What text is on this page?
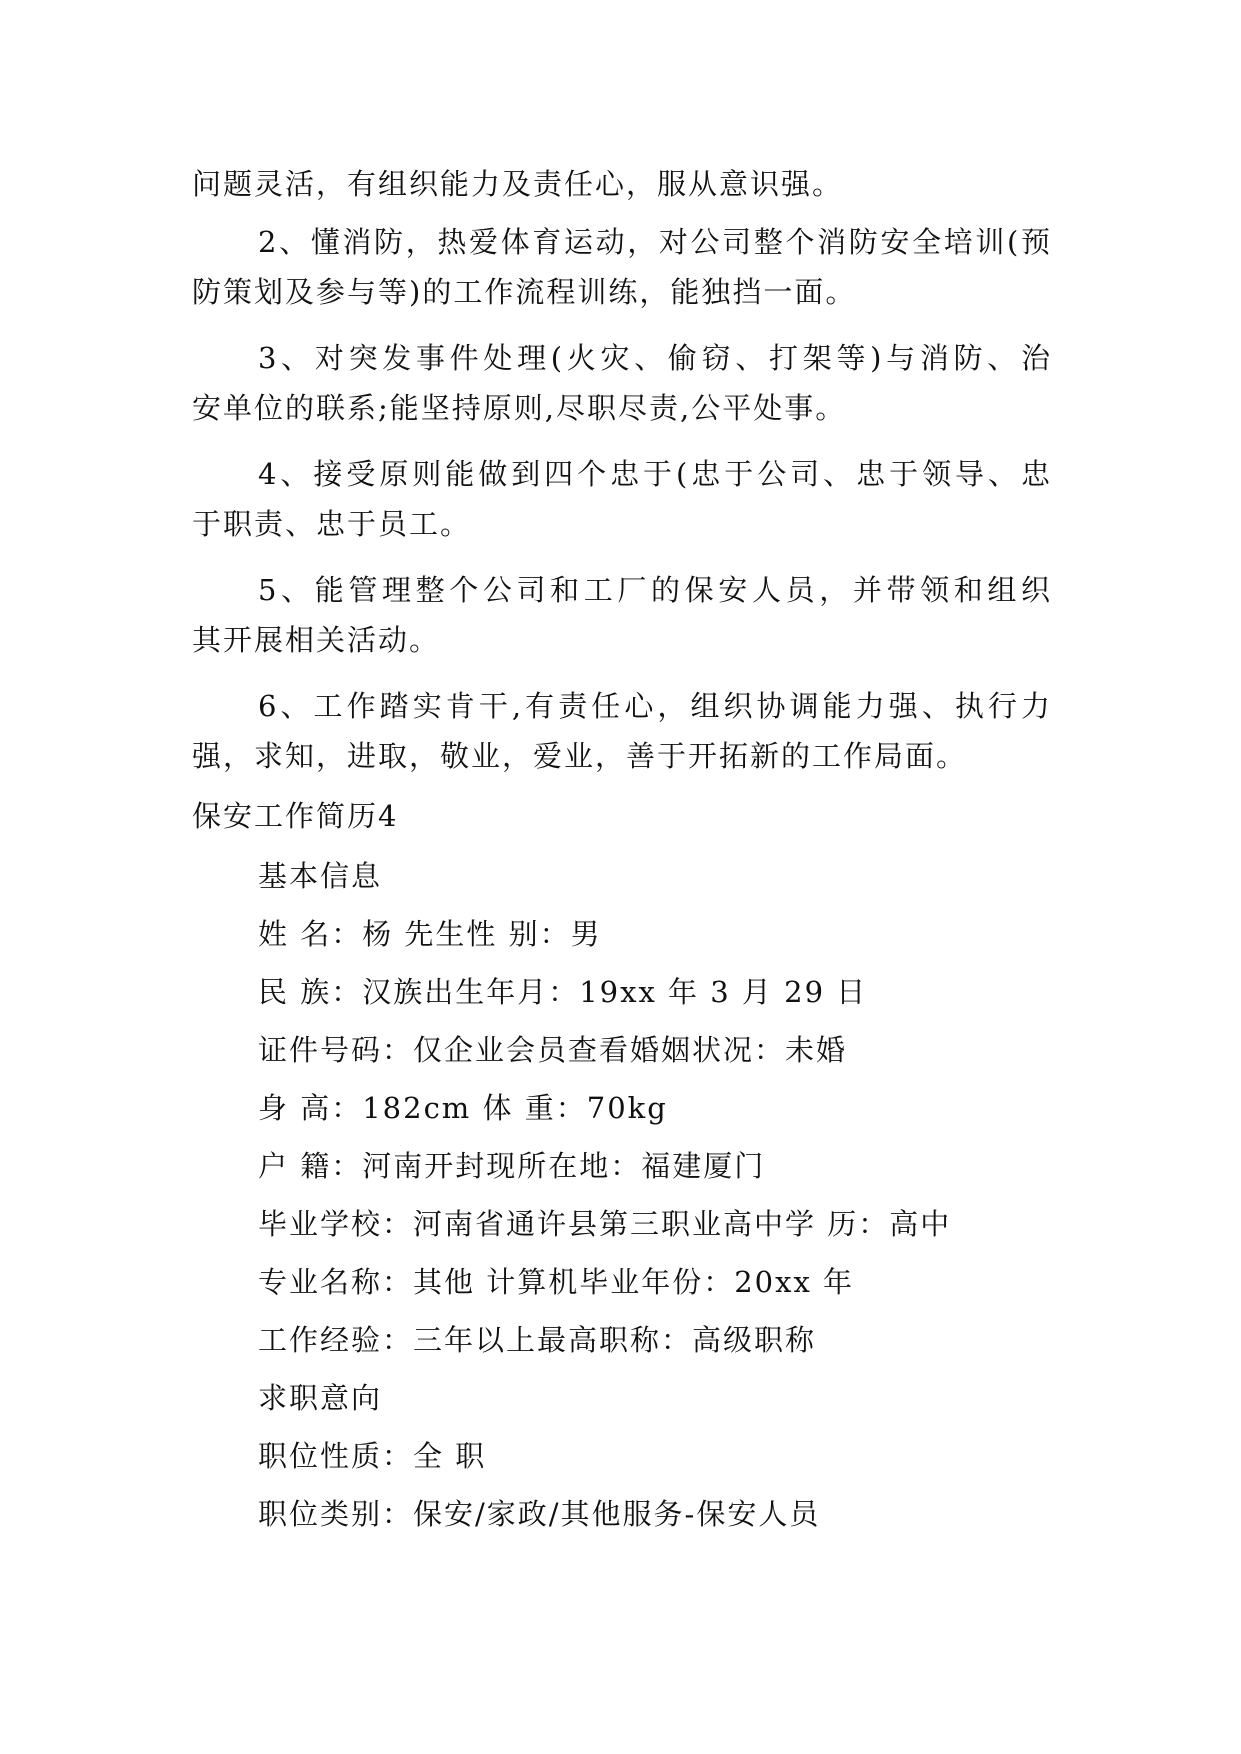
问题灵活，有组织能力及责任心，服从意识强。
2、懂消防，热爱体育运动，对公司整个消防安全培训(预
防策划及参与等)的工作流程训练，能独挡一面。
3、对突发事件处理(火灾、偷窃、打架等)与消防、治
安单位的联系;能坚持原则,尽职尽责,公平处事。
4、接受原则能做到四个忠于(忠于公司、忠于领导、忠
于职责、忠于员工。
5、能管理整个公司和工厂的保安人员，并带领和组织
其开展相关活动。
6、工作踏实肯干,有责任心，组织协调能力强、执行力
强，求知，进取，敬业，爱业，善于开拓新的工作局面。
保安工作简历4
基本信息
姓 名：杨 先生性 别：男
民 族：汉族出生年月：19xx 年 3 月 29 日
证件号码：仅企业会员查看婚姻状况：未婚
身 高：182cm 体 重：70kg
户 籍：河南开封现所在地：福建厦门
毕业学校：河南省通许县第三职业高中学 历：高中
专业名称：其他 计算机毕业年份：20xx 年
工作经验：三年以上最高职称：高级职称
求职意向
职位性质：全 职
职位类别：保安/家政/其他服务-保安人员
